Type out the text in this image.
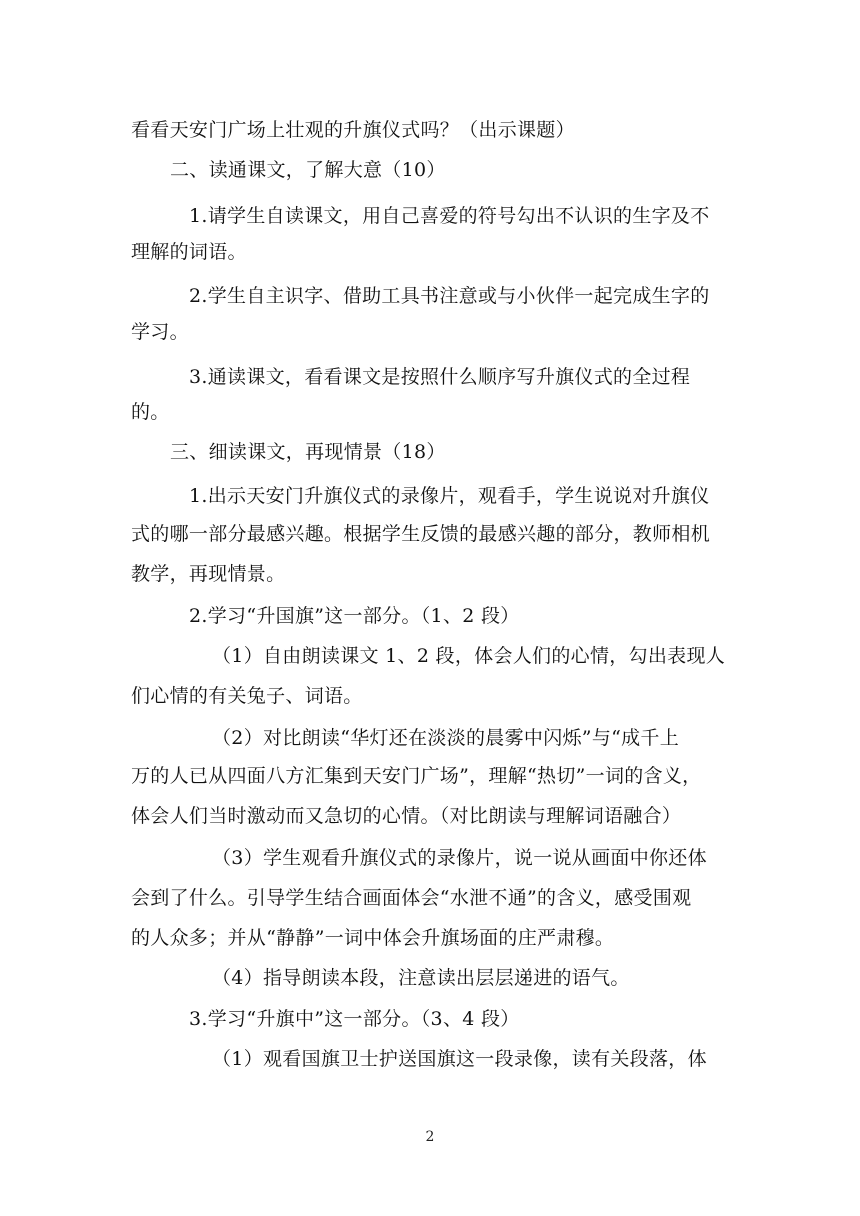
看看天安门广场上壮观的升旗仪式吗？（出示课题）
二、读通课文，了解大意（10）
1.请学生自读课文，用自己喜爱的符号勾出不认识的生字及不
理解的词语。
2.学生自主识字、借助工具书注意或与小伙伴一起完成生字的
学习。
3.通读课文，看看课文是按照什么顺序写升旗仪式的全过程
的。
三、细读课文，再现情景（18）
1.出示天安门升旗仪式的录像片，观看手，学生说说对升旗仪
式的哪一部分最感兴趣。根据学生反馈的最感兴趣的部分，教师相机
教学，再现情景。
2.学习“升国旗”这一部分。（1、2 段）
（1）自由朗读课文 1、2 段，体会人们的心情，勾出表现人
们心情的有关兔子、词语。
（2）对比朗读“华灯还在淡淡的晨雾中闪烁”与“成千上
万的人已从四面八方汇集到天安门广场”，理解“热切”一词的含义，
体会人们当时激动而又急切的心情。（对比朗读与理解词语融合）
（3）学生观看升旗仪式的录像片，说一说从画面中你还体
会到了什么。引导学生结合画面体会“水泄不通”的含义，感受围观
的人众多；并从“静静”一词中体会升旗场面的庄严肃穆。
（4）指导朗读本段，注意读出层层递进的语气。
3.学习“升旗中”这一部分。（3、4 段）
（1）观看国旗卫士护送国旗这一段录像，读有关段落，体
2
